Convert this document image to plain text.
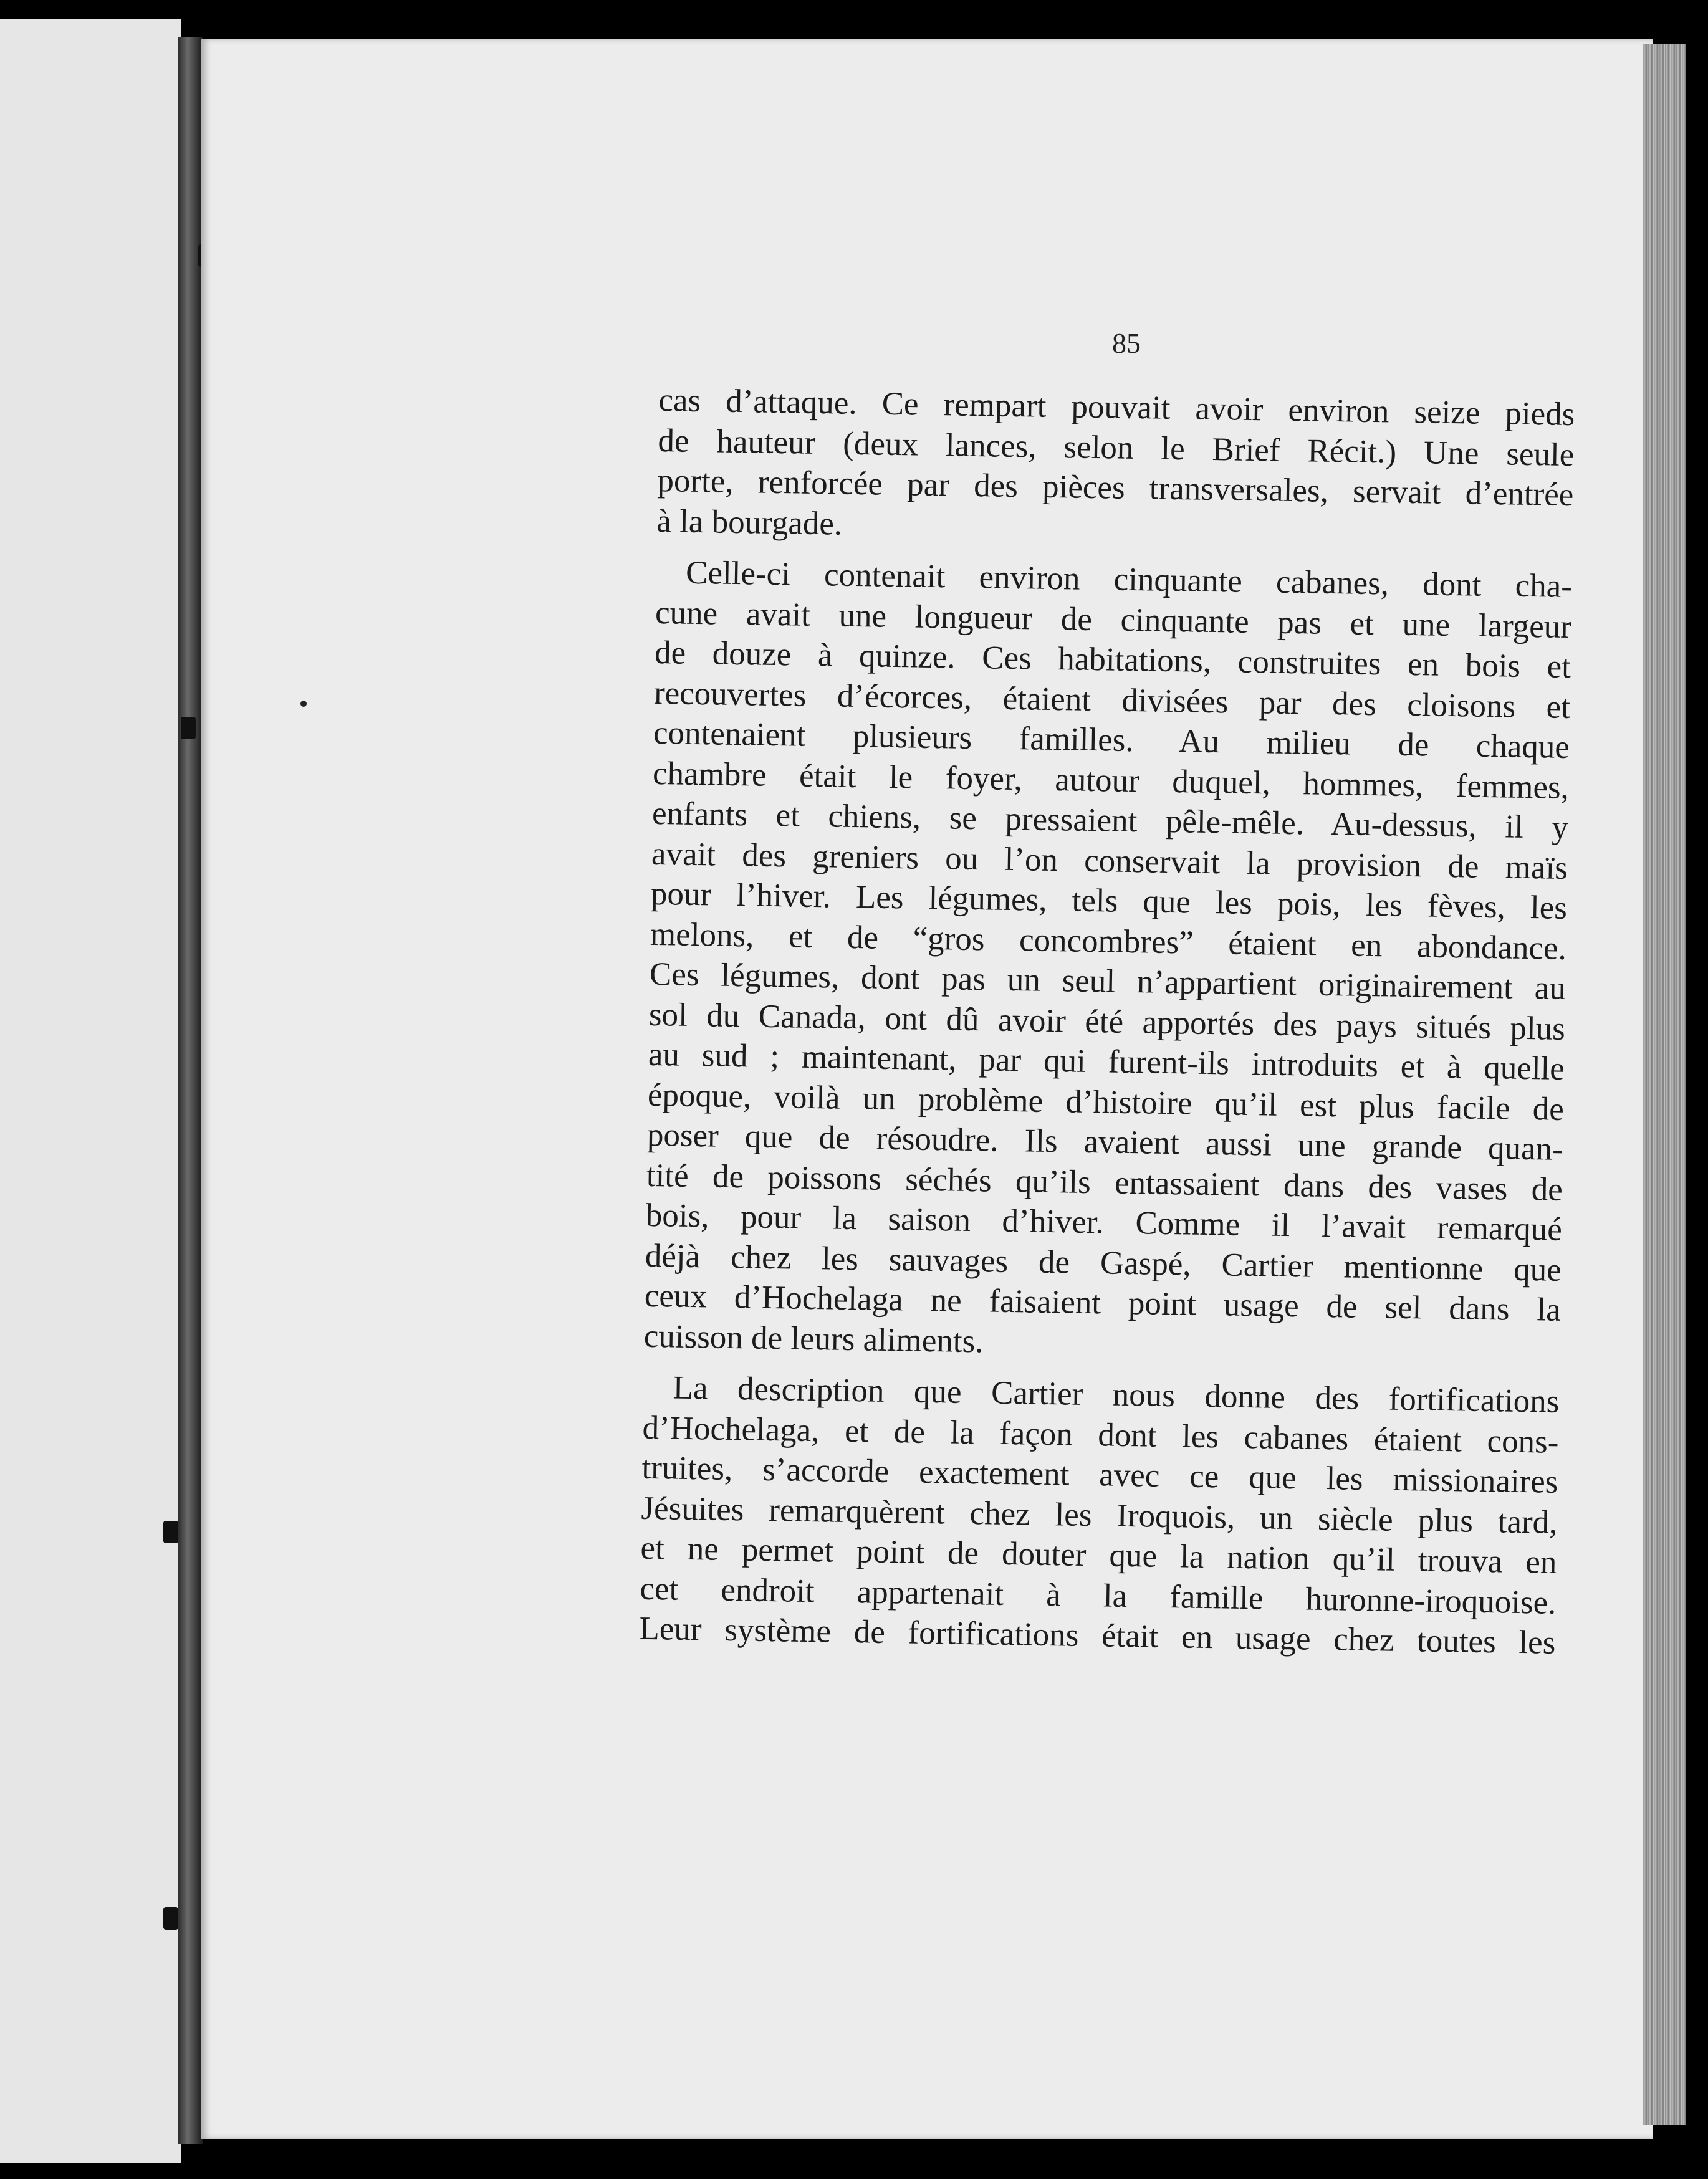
85
cas d’attaque. Ce rempart pouvait avoir environ seize pieds
de hauteur (deux lances, selon le Brief Récit.) Une seule
porte, renforcée par des pièces transversales, servait d’entrée
à la bourgade.
Celle-ci contenait environ cinquante cabanes, dont cha-
cune avait une longueur de cinquante pas et une largeur
de douze à quinze. Ces habitations, construites en bois et
recouvertes d’écorces, étaient divisées par des cloisons et
contenaient plusieurs familles. Au milieu de chaque
chambre était le foyer, autour duquel, hommes, femmes,
enfants et chiens, se pressaient pêle-mêle. Au-dessus, il y
avait des greniers ou l’on conservait la provision de maïs
pour l’hiver. Les légumes, tels que les pois, les fèves, les
melons, et de “gros concombres” étaient en abondance.
Ces légumes, dont pas un seul n’appartient originairement au
sol du Canada, ont dû avoir été apportés des pays situés plus
au sud ; maintenant, par qui furent-ils introduits et à quelle
époque, voilà un problème d’histoire qu’il est plus facile de
poser que de résoudre. Ils avaient aussi une grande quan-
tité de poissons séchés qu’ils entassaient dans des vases de
bois, pour la saison d’hiver. Comme il l’avait remarqué
déjà chez les sauvages de Gaspé, Cartier mentionne que
ceux d’Hochelaga ne faisaient point usage de sel dans la
cuisson de leurs aliments.
La description que Cartier nous donne des fortifications
d’Hochelaga, et de la façon dont les cabanes étaient cons-
truites, s’accorde exactement avec ce que les missionaires
Jésuites remarquèrent chez les Iroquois, un siècle plus tard,
et ne permet point de douter que la nation qu’il trouva en
cet endroit appartenait à la famille huronne-iroquoise.
Leur système de fortifications était en usage chez toutes les
